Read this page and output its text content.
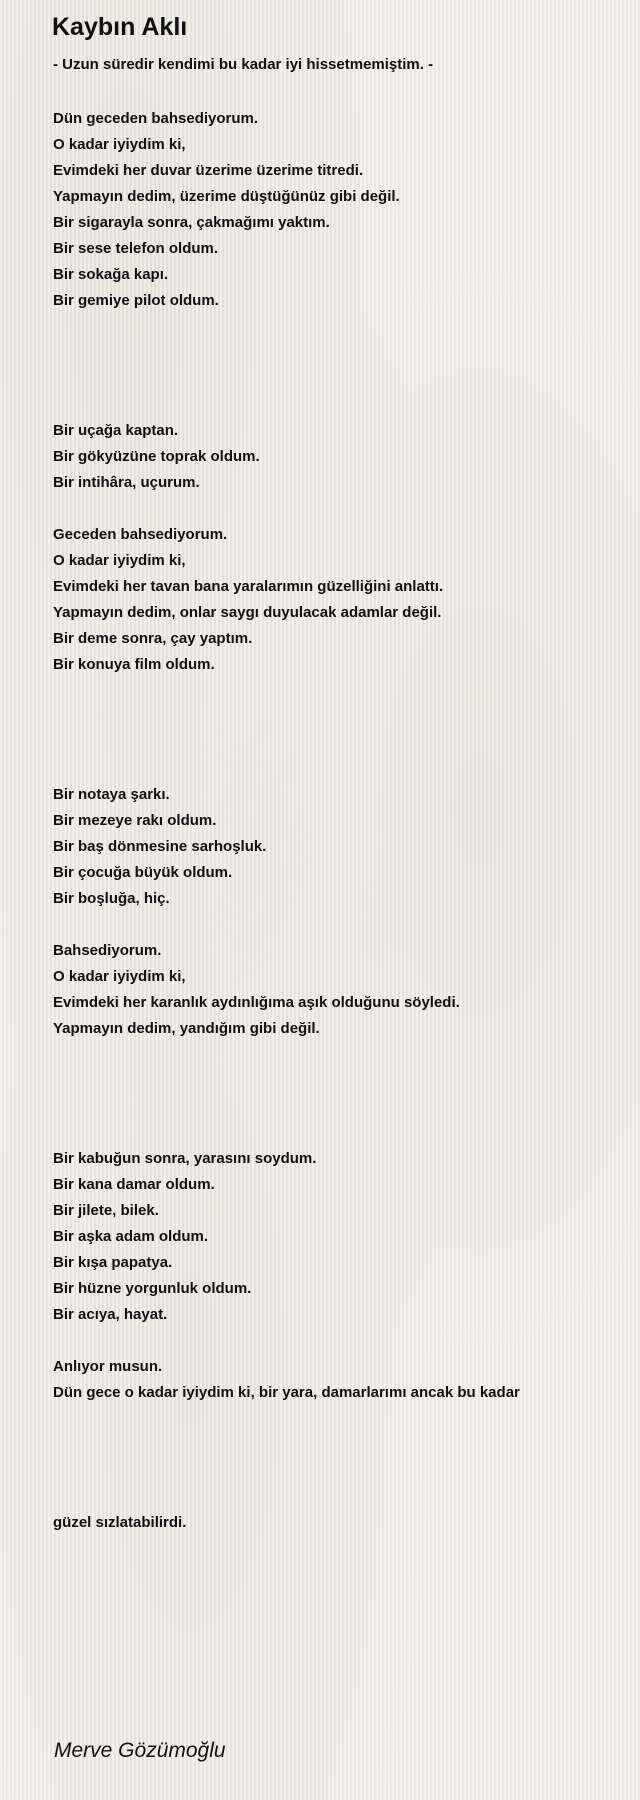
Kaybın Aklı
- Uzun süredir kendimi bu kadar iyi hissetmemiştim. -
Dün geceden bahsediyorum.
O kadar iyiydim ki,
Evimdeki her duvar üzerime üzerime titredi.
Yapmayın dedim, üzerime düştüğünüz gibi değil.
Bir sigarayla sonra, çakmağımı yaktım.
Bir sese telefon oldum.
Bir sokağa kapı.
Bir gemiye pilot oldum.
Bir uçağa kaptan.
Bir gökyüzüne toprak oldum.
Bir intihâra, uçurum.
Geceden bahsediyorum.
O kadar iyiydim ki,
Evimdeki her tavan bana yaralarımın güzelliğini anlattı.
Yapmayın dedim, onlar saygı duyulacak adamlar değil.
Bir deme sonra, çay yaptım.
Bir konuya film oldum.
Bir notaya şarkı.
Bir mezeye rakı oldum.
Bir baş dönmesine sarhoşluk.
Bir çocuğa büyük oldum.
Bir boşluğa, hiç.
Bahsediyorum.
O kadar iyiydim ki,
Evimdeki her karanlık aydınlığıma aşık olduğunu söyledi.
Yapmayın dedim, yandığım gibi değil.
Bir kabuğun sonra, yarasını soydum.
Bir kana damar oldum.
Bir jilete, bilek.
Bir aşka adam oldum.
Bir kışa papatya.
Bir hüzne yorgunluk oldum.
Bir acıya, hayat.
Anlıyor musun.
Dün gece o kadar iyiydim ki, bir yara, damarlarımı ancak bu kadar
güzel sızlatabilirdi.
Merve Gözümoğlu
